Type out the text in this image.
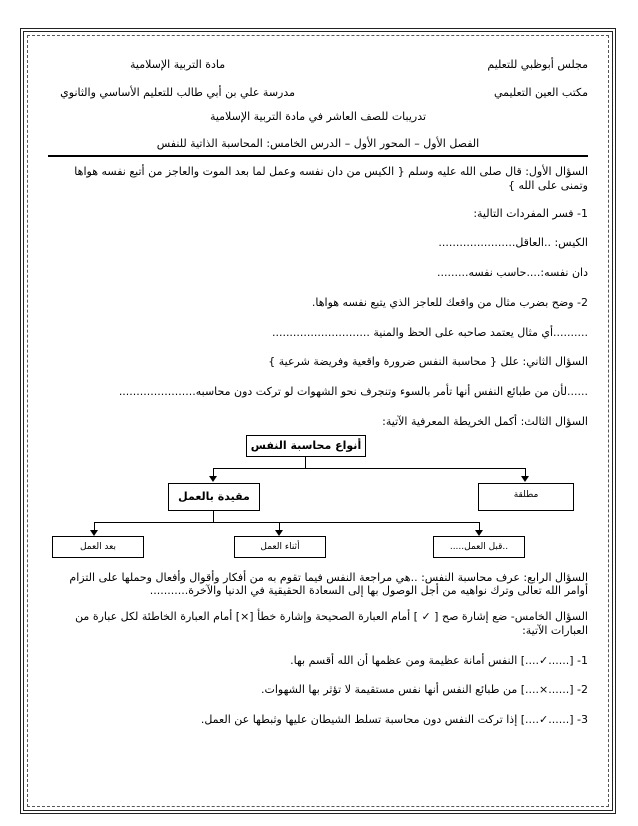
مجلس أبوظبي للتعليم
مادة التربية الإسلامية
مكتب العين التعليمي
مدرسة علي بن أبي طالب للتعليم الأساسي والثانوي
تدريبات للصف العاشر في مادة التربية الإسلامية
الفصل الأول – المحور الأول – الدرس الخامس: المحاسبة الذاتية للنفس

السؤال الأول: قال صلى الله عليه وسلم { الكيس من دان نفسه وعمل لما بعد الموت والعاجز من أتبع نفسه هواها وتمنى على الله }

1- فسر المفردات التالية:

الكيس: ..العاقل......................

دان نفسه:....حاسب نفسه.........

2- وضح بضرب مثال من واقعك للعاجز الذي يتبع نفسه هواها.

..........أي مثال يعتمد صاحبه على الحظ والمنية ............................

السؤال الثاني: علل { محاسبة النفس ضرورة واقعية وفريضة شرعية }

......لأن من طبائع النفس أنها تأمر بالسوء وتنجرف نحو الشهوات لو تركت دون محاسبه......................

السؤال الثالث: أكمل الخريطة المعرفية الآتية:

أنواع محاسبة النفس
مقيدة بالعمل	مطلقة
بعد العمل	أثناء العمل	..قبل العمل.....

السؤال الرابع: عرف محاسبة النفس: ..هي مراجعة النفس فيما تقوم به من أفكار وأقوال وأفعال وحملها على التزام أوامر الله تعالى وترك نواهيه من أجل الوصول بها إلى السعادة الحقيقية في الدنيا والآخرة...........

السؤال الخامس- ضع إشارة صح [ ✓ ] أمام العبارة الصحيحة وإشارة خطأ [×] أمام العبارة الخاطئة لكل عبارة من العبارات الآتية:

1- [......✓....] النفس أمانة عظيمة ومن عظمها أن الله أقسم بها.

2- [......×....] من طبائع النفس أنها نفس مستقيمة لا تؤثر بها الشهوات.

3- [......✓....] إذا تركت النفس دون محاسبة تسلط الشيطان عليها وثبطها عن العمل.
